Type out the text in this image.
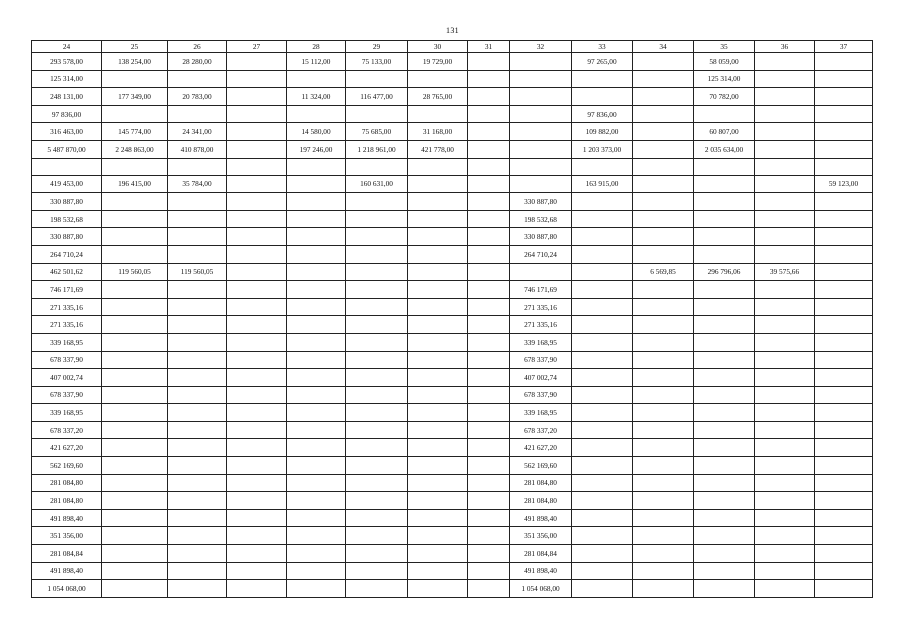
131
24	25	26	27	28	29	30	31	32	33	34	35	36	37
293 578,00	138 254,00	28 280,00		15 112,00	75 133,00	19 729,00			97 265,00		58 059,00		
125 314,00											125 314,00		
248 131,00	177 349,00	20 783,00		11 324,00	116 477,00	28 765,00					70 782,00		
97 836,00									97 836,00				
316 463,00	145 774,00	24 341,00		14 580,00	75 685,00	31 168,00			109 882,00		60 807,00		
5 487 870,00	2 248 863,00	410 878,00		197 246,00	1 218 961,00	421 778,00			1 203 373,00		2 035 634,00		

419 453,00	196 415,00	35 784,00			160 631,00				163 915,00				59 123,00
330 887,80								330 887,80					
198 532,68								198 532,68					
330 887,80								330 887,80					
264 710,24								264 710,24					
462 501,62	119 560,05	119 560,05								6 569,85	296 796,06	39 575,66	
746 171,69								746 171,69					
271 335,16								271 335,16					
271 335,16								271 335,16					
339 168,95								339 168,95					
678 337,90								678 337,90					
407 002,74								407 002,74					
678 337,90								678 337,90					
339 168,95								339 168,95					
678 337,20								678 337,20					
421 627,20								421 627,20					
562 169,60								562 169,60					
281 084,80								281 084,80					
281 084,80								281 084,80					
491 898,40								491 898,40					
351 356,00								351 356,00					
281 084,84								281 084,84					
491 898,40								491 898,40					
1 054 068,00								1 054 068,00					
